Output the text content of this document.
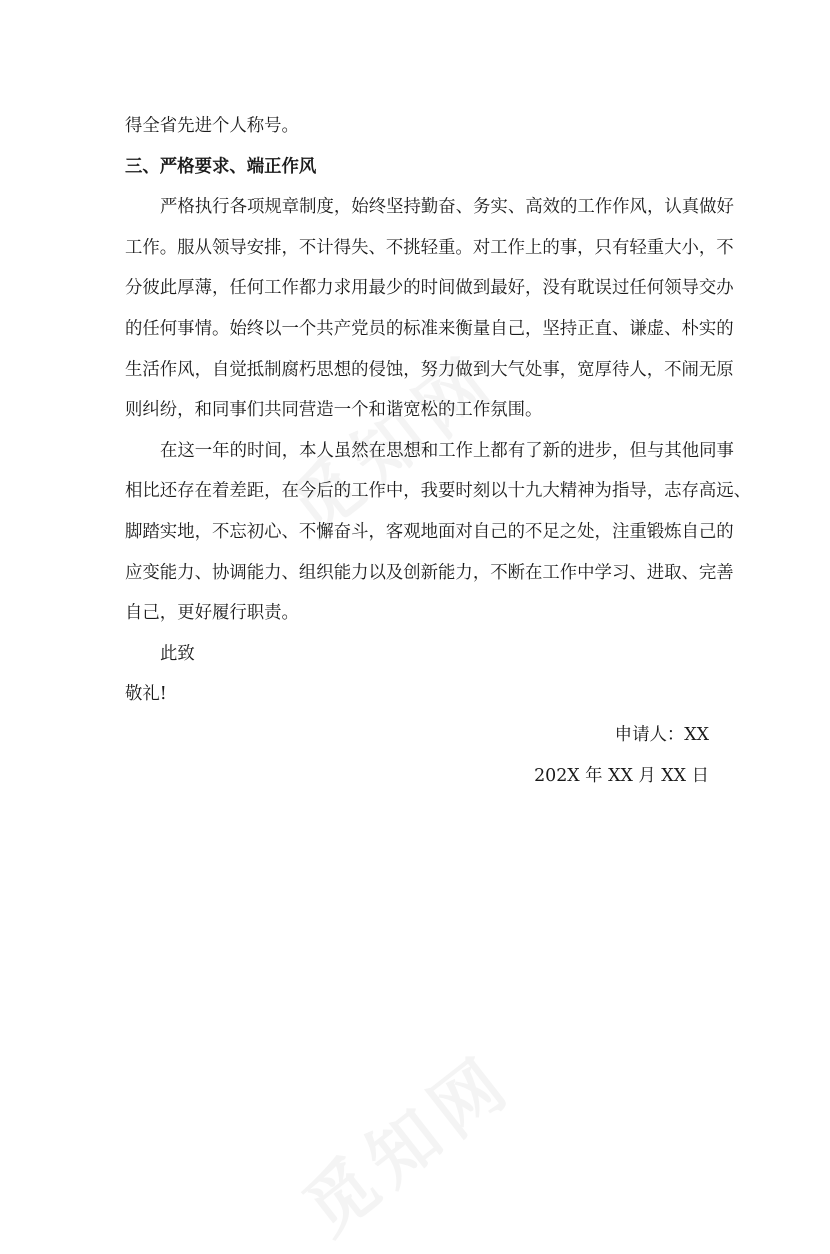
得全省先进个人称号。
三、严格要求、端正作风
严格执行各项规章制度，始终坚持勤奋、务实、高效的工作作风，认真做好
工作。服从领导安排，不计得失、不挑轻重。对工作上的事，只有轻重大小，不
分彼此厚薄，任何工作都力求用最少的时间做到最好，没有耽误过任何领导交办
的任何事情。始终以一个共产党员的标准来衡量自己，坚持正直、谦虚、朴实的
生活作风，自觉抵制腐朽思想的侵蚀，努力做到大气处事，宽厚待人，不闹无原
则纠纷，和同事们共同营造一个和谐宽松的工作氛围。
在这一年的时间，本人虽然在思想和工作上都有了新的进步，但与其他同事
相比还存在着差距，在今后的工作中，我要时刻以十九大精神为指导，志存高远、
脚踏实地，不忘初心、不懈奋斗，客观地面对自己的不足之处，注重锻炼自己的
应变能力、协调能力、组织能力以及创新能力，不断在工作中学习、进取、完善
自己，更好履行职责。
此致
敬礼!
申请人：XX
202X 年 XX 月 XX 日
